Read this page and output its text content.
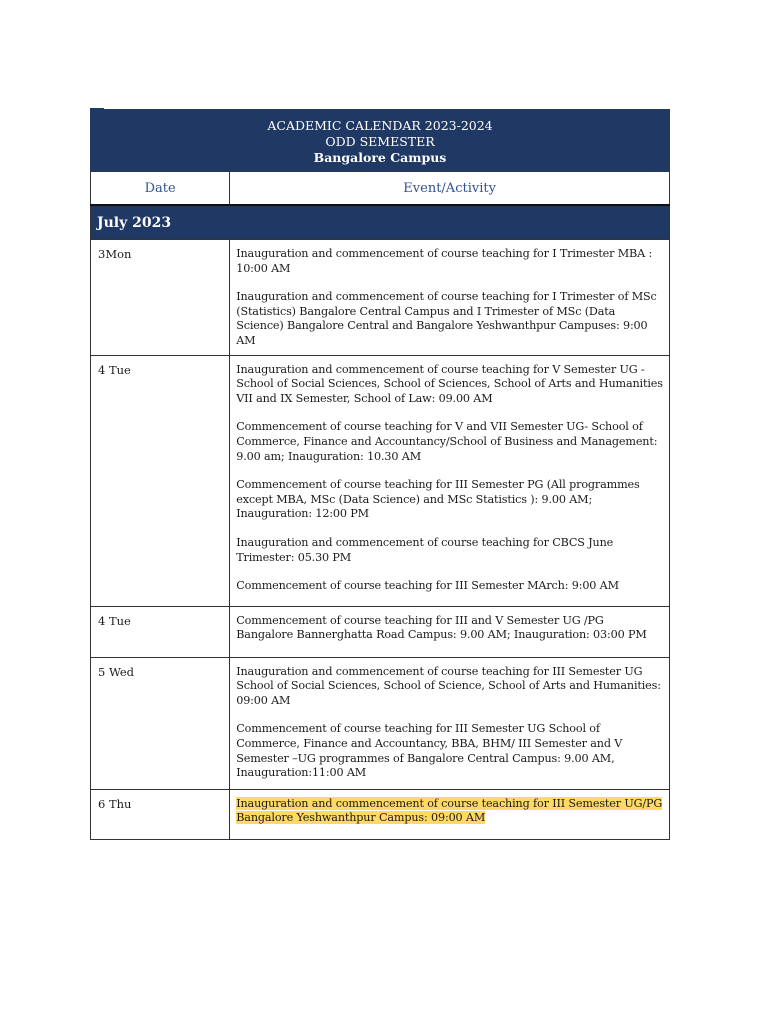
ACADEMIC CALENDAR 2023-2024
ODD SEMESTER
Bangalore Campus	

Date	Event/Activity
July 2023	
3Mon	Inauguration and commencement of course teaching for I Trimester MBA : 10:00 AM

Inauguration and commencement of course teaching for I Trimester of MSc (Statistics) Bangalore Central Campus and I Trimester of MSc (Data Science) Bangalore Central and Bangalore Yeshwanthpur Campuses: 9:00 AM

4 Tue	Inauguration and commencement of course teaching for V Semester UG -School of Social Sciences, School of Sciences, School of Arts and Humanities VII and IX Semester, School of Law: 09.00 AM

Commencement of course teaching for V and VII Semester UG- School of Commerce, Finance and Accountancy/School of Business and Management: 9.00 am; Inauguration: 10.30 AM

Commencement of course teaching for III Semester PG (All programmes except MBA, MSc (Data Science) and MSc Statistics ): 9.00 AM; Inauguration: 12:00 PM

Inauguration and commencement of course teaching for CBCS June Trimester: 05.30 PM

Commencement of course teaching for III Semester MArch: 9:00 AM

4 Tue	Commencement of course teaching for III and V Semester UG /PG Bangalore Bannerghatta Road Campus: 9.00 AM; Inauguration: 03:00 PM

5 Wed	Inauguration and commencement of course teaching for III Semester UG School of Social Sciences, School of Science, School of Arts and Humanities: 09:00 AM

Commencement of course teaching for III Semester UG School of Commerce, Finance and Accountancy, BBA, BHM/ III Semester and V Semester –UG programmes of Bangalore Central Campus: 9.00 AM, Inauguration:11:00 AM

6 Thu	Inauguration and commencement of course teaching for III Semester UG/PG Bangalore Yeshwanthpur Campus: 09:00 AM
